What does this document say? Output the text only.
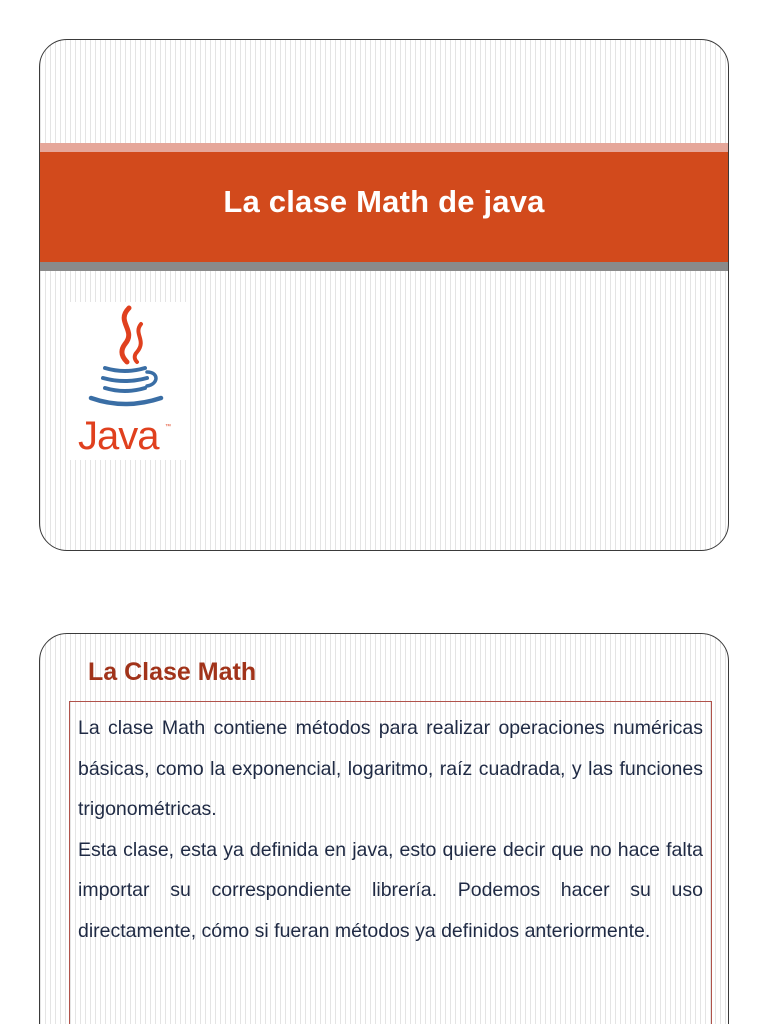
La clase Math de java
Java ™
La Clase Math

La clase Math contiene métodos para realizar operaciones numéricas básicas, como la exponencial, logaritmo, raíz cuadrada, y las funciones trigonométricas.

Esta clase, esta ya definida en java, esto quiere decir que no hace falta importar su correspondiente librería. Podemos hacer su uso directamente, cómo si fueran métodos ya definidos anteriormente.
